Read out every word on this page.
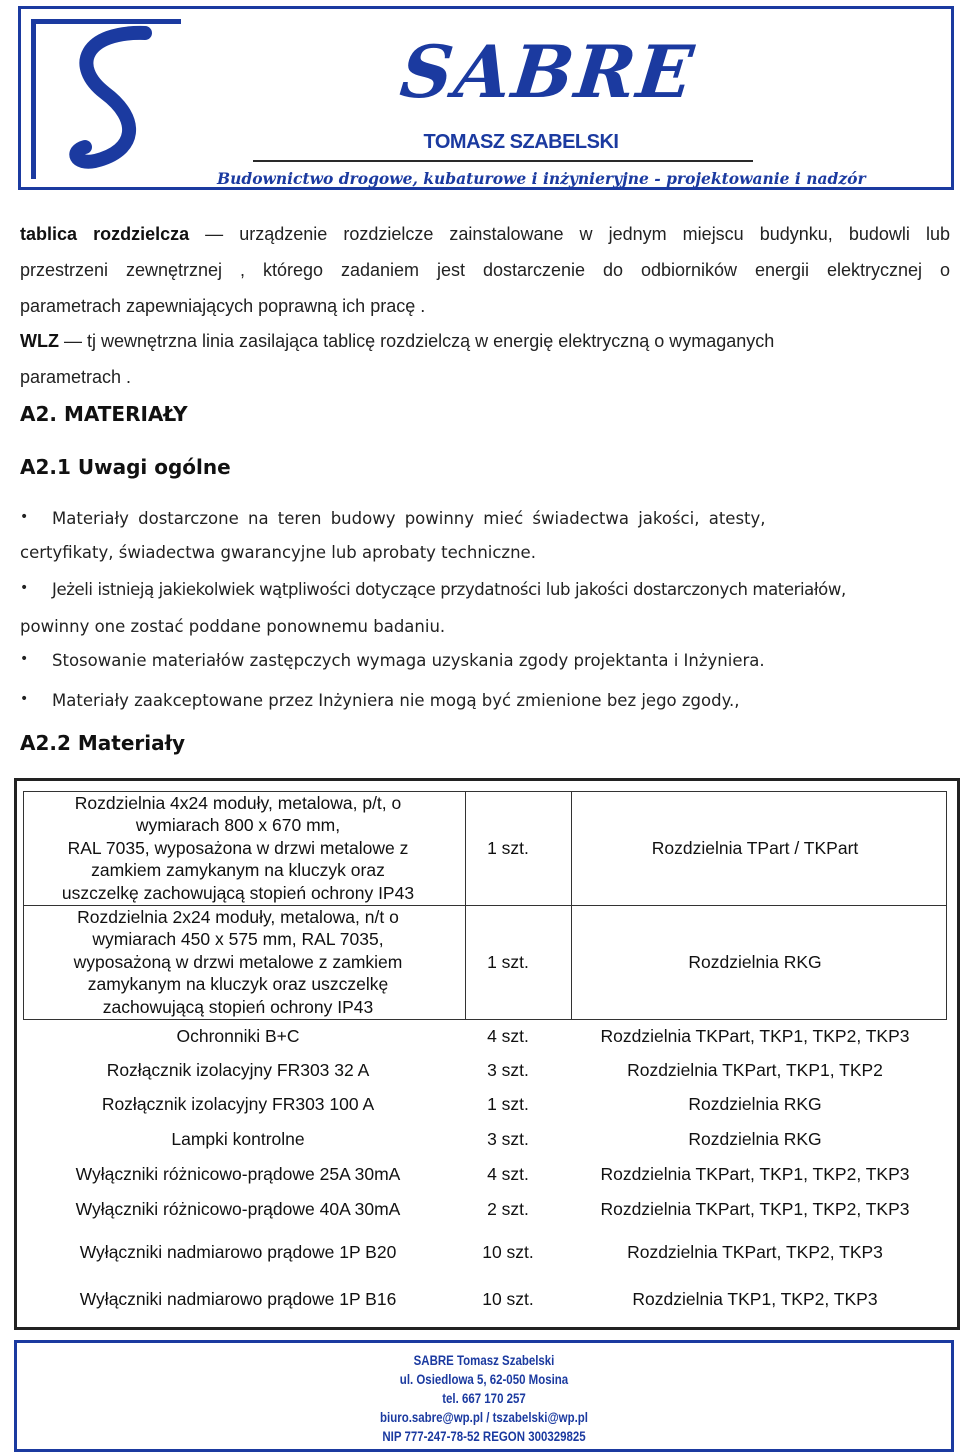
SABRE
TOMASZ SZABELSKI
Budownictwo drogowe, kubaturowe i inżynieryjne - projektowanie i nadzór
tablica rozdzielcza — urządzenie rozdzielcze zainstalowane w jednym miejscu budynku, budowli lub
przestrzeni zewnętrznej , którego zadaniem jest dostarczenie do odbiorników energii elektrycznej o
parametrach zapewniających poprawną ich pracę .
WLZ — tj wewnętrzna linia zasilająca tablicę rozdzielczą w energię elektryczną o wymaganych
parametrach .
A2. MATERIAŁY
A2.1 Uwagi ogólne
• Materiały dostarczone na teren budowy powinny mieć świadectwa jakości, atesty,
certyfikaty, świadectwa gwarancyjne lub aprobaty techniczne.
• Jeżeli istnieją jakiekolwiek wątpliwości dotyczące przydatności lub jakości dostarczonych materiałów,
powinny one zostać poddane ponownemu badaniu.
• Stosowanie materiałów zastępczych wymaga uzyskania zgody projektanta i Inżyniera.
• Materiały zaakceptowane przez Inżyniera nie mogą być zmienione bez jego zgody.,
A2.2 Materiały
Rozdzielnia 4x24 moduły, metalowa, p/t, o
wymiarach 800 x 670 mm,
RAL 7035, wyposażona w drzwi metalowe z
zamkiem zamykanym na kluczyk oraz
uszczelkę zachowującą stopień ochrony IP43
1 szt.	Rozdzielnia TPart / TKPart
Rozdzielnia 2x24 moduły, metalowa, n/t o
wymiarach 450 x 575 mm, RAL 7035,
wyposażoną w drzwi metalowe z zamkiem
zamykanym na kluczyk oraz uszczelkę
zachowującą stopień ochrony IP43
1 szt.	Rozdzielnia RKG
Ochronniki B+C	4 szt.	Rozdzielnia TKPart, TKP1, TKP2, TKP3
Rozłącznik izolacyjny FR303 32 A	3 szt.	Rozdzielnia TKPart, TKP1, TKP2
Rozłącznik izolacyjny FR303 100 A	1 szt.	Rozdzielnia RKG
Lampki kontrolne	3 szt.	Rozdzielnia RKG
Wyłączniki różnicowo-prądowe 25A 30mA	4 szt.	Rozdzielnia TKPart, TKP1, TKP2, TKP3
Wyłączniki różnicowo-prądowe 40A 30mA	2 szt.	Rozdzielnia TKPart, TKP1, TKP2, TKP3
Wyłączniki nadmiarowo prądowe 1P B20	10 szt.	Rozdzielnia TKPart, TKP2, TKP3
Wyłączniki nadmiarowo prądowe 1P B16	10 szt.	Rozdzielnia TKP1, TKP2, TKP3
SABRE Tomasz Szabelski
ul. Osiedlowa 5, 62-050 Mosina
tel. 667 170 257
biuro.sabre@wp.pl / tszabelski@wp.pl
NIP 777-247-78-52 REGON 300329825
